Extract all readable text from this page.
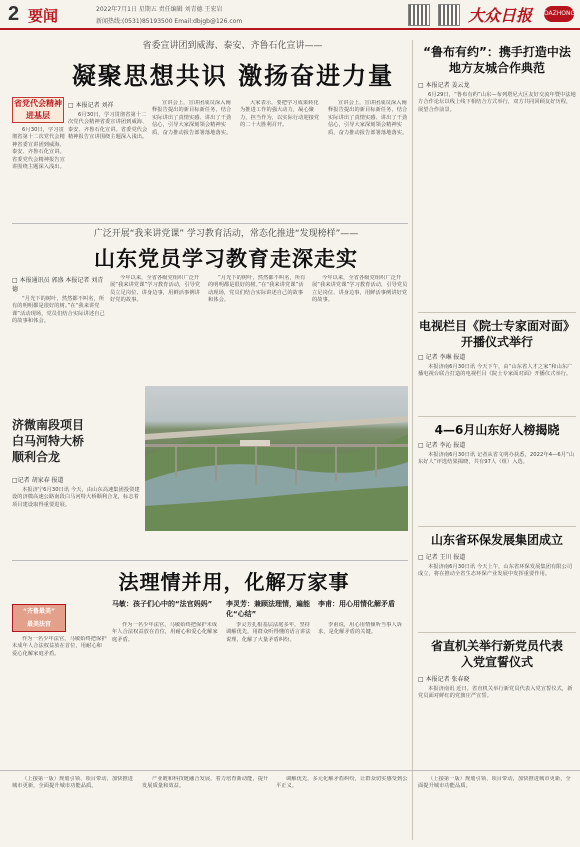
2 要闻	2022年7月1日 星期五 责任编辑 刘青德 王宏岩
新闻热线:(0531)85193500 Email:dbjgb@126.com	大众日报 DAZHONG
省委宣讲团到威海、泰安、齐鲁石化宣讲——
凝聚思想共识 激扬奋进力量
省党代会精神
进基层
□ 本报记者 刘祥

6月30日，学习贯彻省第十二次党代会精神省委宣讲团到威海、泰安、齐鲁石化宣讲。省委党代会精神报告宣讲围绕主题深入浅出。

6月30日，学习贯彻省第十二次党代会精神省委宣讲团到威海、泰安、齐鲁石化宣讲。省委党代会精神报告宣讲围绕主题深入浅出。

宣讲会上，宣讲团成员深入阐释报告提出的新目标新任务，结合实际讲出了真情实感、讲出了干劲信心，引导大家深刻领会精神实质，奋力推动报告部署落地落实。

大家表示，要把学习成果转化为推进工作的强大动力，凝心聚力，担当作为，以实际行动迎接党的二十大胜利召开。

宣讲会上，宣讲团成员深入阐释报告提出的新目标新任务，结合实际讲出了真情实感、讲出了干劲信心，引导大家深刻领会精神实质，奋力推动报告部署落地落实。

广泛开展“我来讲党课” 学习教育活动，常态化推进“发现榜样”——
山东党员学习教育走深走实
□ 本报通讯员 郭盛 本报记者 刘青德

“月光下的树叶，然然都不叫名，所有的明明都是很好的树。”在“我来讲党课”活动现场，党员们结合实际讲述自己的故事和体会。

今年以来，全省各级党组织广泛开展“我来讲党课”学习教育活动，引导党员立足岗位、讲身边事，用鲜活事例讲好党的故事。

“月光下的树叶，然然都不叫名，所有的明明都是很好的树。”在“我来讲党课”活动现场，党员们结合实际讲述自己的故事和体会。

今年以来，全省各级党组织广泛开展“我来讲党课”学习教育活动，引导党员立足岗位、讲身边事，用鲜活事例讲好党的故事。

济微南段项目
白马河特大桥
顺利合龙
□记者 胡家春 报道

本报济宁6月30日讯 今天，由山东高速集团投资建设的济微高速公路南段白马河特大桥顺利合龙，标志着项目建设取得重要进展。

法理情并用，化解万家事
“齐鲁最美”
最美法官
马敏：孩子们心中的“法官妈妈”	李灵芳：兼顾法理情，遍能化“心结”
李甫：用心用情化解矛盾

作为一名少年法官，马敏始终把保护未成年人合法权益放在首位，用耐心和爱心化解家庭矛盾。

作为一名少年法官，马敏始终把保护未成年人合法权益放在首位，用耐心和爱心化解家庭矛盾。

李灵芳扎根基层法庭多年，坚持调解优先，用群众听得懂的语言讲法说理，化解了大量矛盾纠纷。

李甫说，用心用情倾听当事人诉求，是化解矛盾的关键。

“鲁布有约”：携手打造中法
地方友城合作典范
□ 本报记者 姜云龙

6月29日，“鲁布有约”山东—布列塔尼大区友好交流年暨中法地方合作论坛以线上线下相结合方式举行，双方共同回顾友好历程，展望合作前景。

电视栏目《院士专家面对面》
开播仪式举行
□ 记者 李琳 报道

本报济南6月30日讯 今天下午，由“山东省人才之家”和山东广播电视台联合打造的电视栏目《院士专家面对面》开播仪式举行。

4—6月山东好人榜揭晓
□ 记者 李沁 报道

本报济南6月30日讯 记者从省文明办获悉，2022年4—6月“山东好人”评选结果揭晓，共有97人（组）入选。

山东省环保发展集团成立
□ 记者 王川 报道

本报济南6月30日讯 今天上午，山东省环保发展集团有限公司成立，将在推动全省生态环保产业发展中发挥重要作用。

省直机关举行新党员代表
入党宣誓仪式
□ 本报记者 张春晓

本报济南讯 近日，省直机关举行新党员代表入党宣誓仪式，新党员面对鲜红的党旗庄严宣誓。

（上接第一版）规划引领、项目带动，加快推进城市更新，全面提升城市功能品质。

产业链和科技链融合发展，着力培育新动能，提升发展质量和效益。

调解优先，多元化解矛盾纠纷，让群众切实感受到公平正义。

（上接第一版）规划引领、项目带动，加快推进城市更新，全面提升城市功能品质。
